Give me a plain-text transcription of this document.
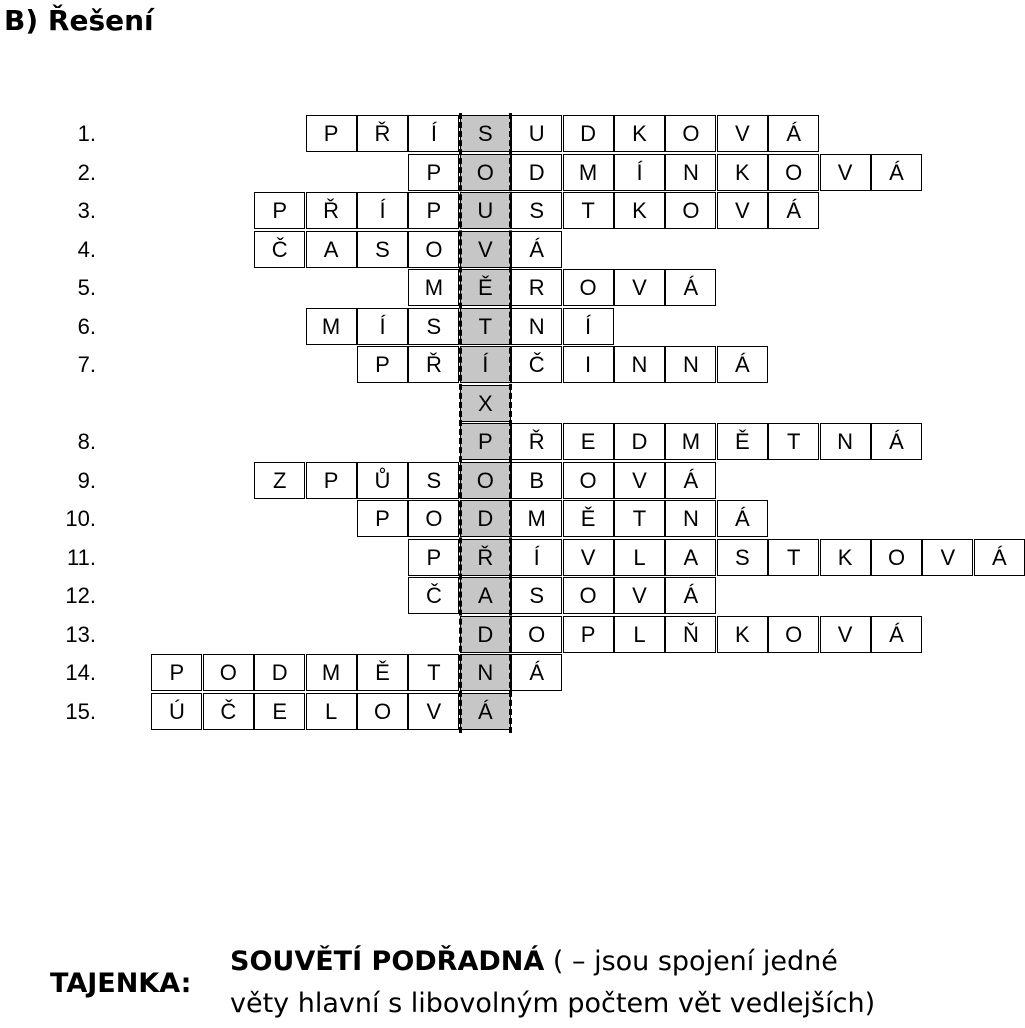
B) Řešení
1.	P	Ř	Í	S	U	D	K	O	V	Á
2.	P	O	D	M	Í	N	K	O	V	Á
3.	P	Ř	Í	P	U	S	T	K	O	V	Á
4.	Č	A	S	O	V	Á
5.	M	Ě	R	O	V	Á
6.	M	Í	S	T	N	Í
7.	P	Ř	Í	Č	I	N	N	Á
X
8.	P	Ř	E	D	M	Ě	T	N	Á
9.	Z	P	Ů	S	O	B	O	V	Á
10.	P	O	D	M	Ě	T	N	Á
11.	P	Ř	Í	V	L	A	S	T	K	O	V	Á
12.	Č	A	S	O	V	Á
13.	D	O	P	L	Ň	K	O	V	Á
14.	P	O	D	M	Ě	T	N	Á
15.	Ú	Č	E	L	O	V	Á
TAJENKA:
SOUVĚTÍ PODŘADNÁ ( – jsou spojení jedné
věty hlavní s libovolným počtem vět vedlejších)
